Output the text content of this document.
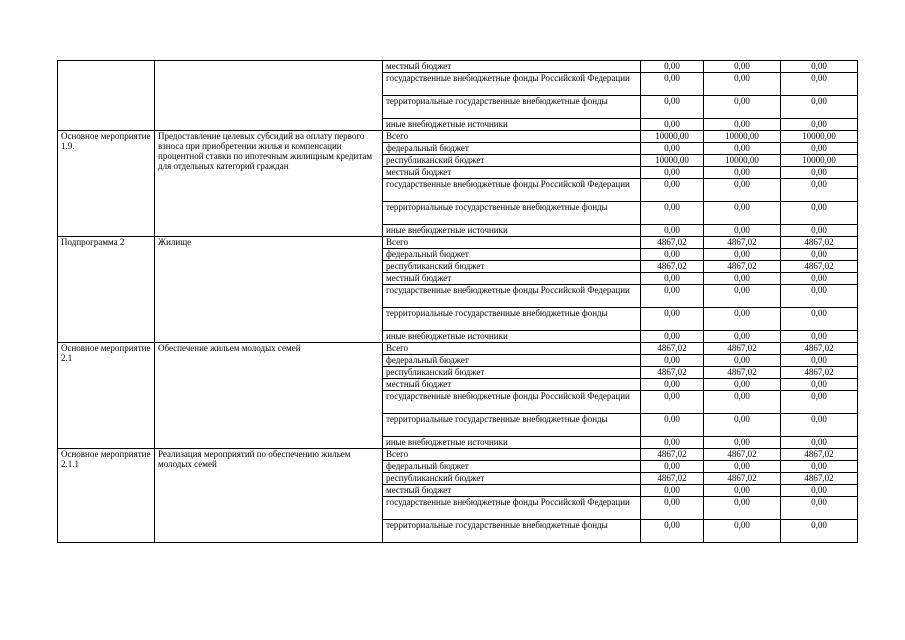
		местный бюджет	0,00	0,00	0,00
		государственные внебюджетные фонды Российской Федерации	0,00	0,00	0,00
		территориальные государственные внебюджетные фонды	0,00	0,00	0,00
		иные внебюджетные источники	0,00	0,00	0,00
Основное мероприятие 1.9.	Предоставление целевых субсидий на оплату первого взноса при приобретении жилья и компенсации процентной ставки по ипотечным жилищным кредитам для отдельных категорий граждан	Всего	10000,00	10000,00	10000,00
		федеральный бюджет	0,00	0,00	0,00
		республиканский бюджет	10000,00	10000,00	10000,00
		местный бюджет	0,00	0,00	0,00
		государственные внебюджетные фонды Российской Федерации	0,00	0,00	0,00
		территориальные государственные внебюджетные фонды	0,00	0,00	0,00
		иные внебюджетные источники	0,00	0,00	0,00
Подпрограмма 2	Жилище	Всего	4867,02	4867,02	4867,02
		федеральный бюджет	0,00	0,00	0,00
		республиканский бюджет	4867,02	4867,02	4867,02
		местный бюджет	0,00	0,00	0,00
		государственные внебюджетные фонды Российской Федерации	0,00	0,00	0,00
		территориальные государственные внебюджетные фонды	0,00	0,00	0,00
		иные внебюджетные источники	0,00	0,00	0,00
Основное мероприятие 2.1	Обеспечение жильем молодых семей	Всего	4867,02	4867,02	4867,02
		федеральный бюджет	0,00	0,00	0,00
		республиканский бюджет	4867,02	4867,02	4867,02
		местный бюджет	0,00	0,00	0,00
		государственные внебюджетные фонды Российской Федерации	0,00	0,00	0,00
		территориальные государственные внебюджетные фонды	0,00	0,00	0,00
		иные внебюджетные источники	0,00	0,00	0,00
Основное мероприятие 2.1.1	Реализация мероприятий по обеспечению жильем молодых семей	Всего	4867,02	4867,02	4867,02
		федеральный бюджет	0,00	0,00	0,00
		республиканский бюджет	4867,02	4867,02	4867,02
		местный бюджет	0,00	0,00	0,00
		государственные внебюджетные фонды Российской Федерации	0,00	0,00	0,00
		территориальные государственные внебюджетные фонды	0,00	0,00	0,00
